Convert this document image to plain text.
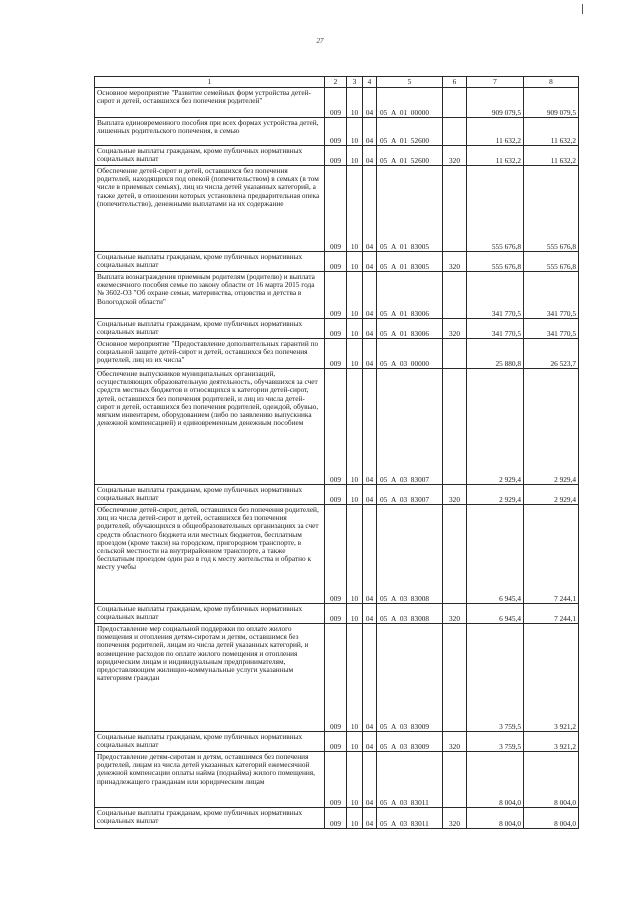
27
1	2	3	4	5	6	7	8
Основное мероприятие "Развитие семейных форм устройства детей-сирот и детей, оставшихся без попечения родителей"	009	10	04	05  А  01  00000		909 079,5	909 079,5
Выплата единовременного пособия при всех формах устройства детей, лишенных родительского попечения, в семью	009	10	04	05  А  01  52600		11 632,2	11 632,2
Социальные выплаты гражданам, кроме публичных нормативных социальных выплат	009	10	04	05  А  01  52600	320	11 632,2	11 632,2
Обеспечение детей-сирот и детей, оставшихся без попечения родителей, находящихся под опекой (попечительством) в семьях (в том числе в приемных семьях), лиц из числа детей указанных категорий, а также детей, в отношении которых установлена предварительная опека (попечительство), денежными выплатами на их содержание	009	10	04	05  А  01  83005		555 676,8	555 676,8
Социальные выплаты гражданам, кроме публичных нормативных социальных выплат	009	10	04	05  А  01  83005	320	555 676,8	555 676,8
Выплата вознаграждения приемным родителям (родителю) и выплата ежемесячного пособия семье по закону области от 16 марта 2015 года № 3602-ОЗ "Об охране семьи, материнства, отцовства и детства в Вологодской области"	009	10	04	05  А  01  83006		341 770,5	341 770,5
Социальные выплаты гражданам, кроме публичных нормативных социальных выплат	009	10	04	05  А  01  83006	320	341 770,5	341 770,5
Основное мероприятие "Предоставление дополнительных гарантий по социальной защите детей-сирот и детей, оставшихся без попечения родителей, лиц из их числа"	009	10	04	05  А  03  00000		25 880,8	26 523,7
Обеспечение выпускников муниципальных организаций, осуществляющих образовательную деятельность, обучавшихся за счет средств местных бюджетов и относящихся к категории детей-сирот, детей, оставшихся без попечения родителей, и лиц из числа детей-сирот и детей, оставшихся без попечения родителей, одеждой, обувью, мягким инвентарем, оборудованием (либо по заявлению выпускника денежной компенсацией) и единовременным денежным пособием	009	10	04	05  А  03  83007		2 929,4	2 929,4
Социальные выплаты гражданам, кроме публичных нормативных социальных выплат	009	10	04	05  А  03  83007	320	2 929,4	2 929,4
Обеспечение детей-сирот, детей, оставшихся без попечения родителей, лиц из числа детей-сирот и детей, оставшихся без попечения родителей, обучающихся в общеобразовательных организациях за счет средств областного бюджета или местных бюджетов, бесплатным проездом (кроме такси) на городском, пригородном транспорте, в сельской местности на внутрирайонном транспорте, а также бесплатным проездом один раз в год к месту жительства и обратно к месту учебы	009	10	04	05  А  03  83008		6 945,4	7 244,1
Социальные выплаты гражданам, кроме публичных нормативных социальных выплат	009	10	04	05  А  03  83008	320	6 945,4	7 244,1
Предоставление мер социальной поддержки по оплате жилого помещения и отопления детям-сиротам и детям, оставшимся без попечения родителей, лицам из числа детей указанных категорий, и возмещение расходов по оплате жилого помещения и отопления юридическим лицам и индивидуальным предпринимателям, предоставляющим жилищно-коммунальные услуги указанным категориям граждан	009	10	04	05  А  03  83009		3 759,5	3 921,2
Социальные выплаты гражданам, кроме публичных нормативных социальных выплат	009	10	04	05  А  03  83009	320	3 759,5	3 921,2
Предоставление детям-сиротам и детям, оставшимся без попечения родителей, лицам из числа детей указанных категорий ежемесячной денежной компенсации оплаты найма (поднайма) жилого помещения, принадлежащего гражданам или юридическим лицам	009	10	04	05  А  03  83011		8 004,0	8 004,0
Социальные выплаты гражданам, кроме публичных нормативных социальных выплат	009	10	04	05  А  03  83011	320	8 004,0	8 004,0
